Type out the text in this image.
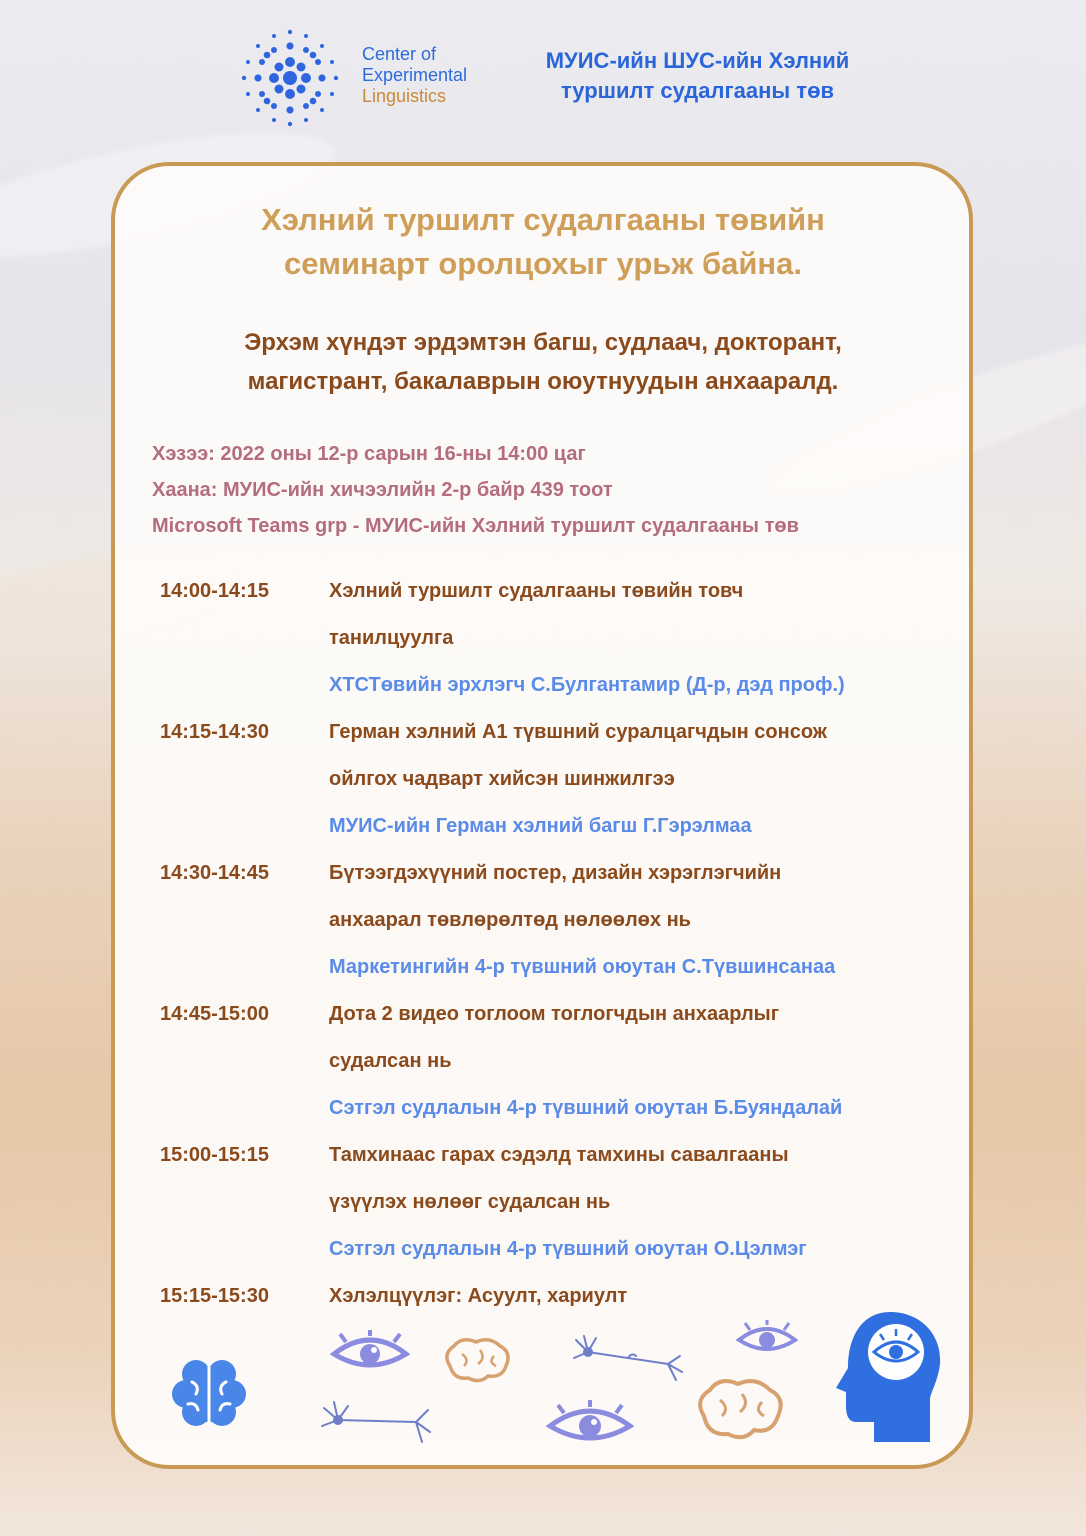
Center of
Experimental
Linguistics
МУИС-ийн ШУС-ийн Хэлний
туршилт судалгааны төв
Хэлний туршилт судалгааны төвийн
семинарт оролцохыг урьж байна.
Эрхэм хүндэт эрдэмтэн багш, судлаач, докторант,
магистрант, бакалаврын оюутнуудын анхааралд.
Хэзээ: 2022 оны 12-р сарын 16-ны 14:00 цаг
Хаана: МУИС-ийн хичээлийн 2-р байр 439 тоот
Microsoft Teams grp - МУИС-ийн Хэлний туршилт судалгааны төв
14:00-14:15	Хэлний туршилт судалгааны төвийн товч
танилцуулга
ХТСТөвийн эрхлэгч С.Булгантамир (Д-р, дэд проф.)
14:15-14:30	Герман хэлний А1 түвшний суралцагчдын сонсож
ойлгох чадварт хийсэн шинжилгээ
МУИС-ийн Герман хэлний багш Г.Гэрэлмаа
14:30-14:45	Бүтээгдэхүүний постер, дизайн хэрэглэгчийн
анхаарал төвлөрөлтөд нөлөөлөх нь
Маркетингийн 4-р түвшний оюутан С.Түвшинсанаа
14:45-15:00	Дота 2 видео тоглоом тоглогчдын анхаарлыг
судалсан нь
Сэтгэл судлалын 4-р түвшний оюутан Б.Буяндалай
15:00-15:15	Тамхинаас гарах сэдэлд тамхины савалгааны
үзүүлэх нөлөөг судалсан нь
Сэтгэл судлалын 4-р түвшний оюутан О.Цэлмэг
15:15-15:30	Хэлэлцүүлэг: Асуулт, хариулт
